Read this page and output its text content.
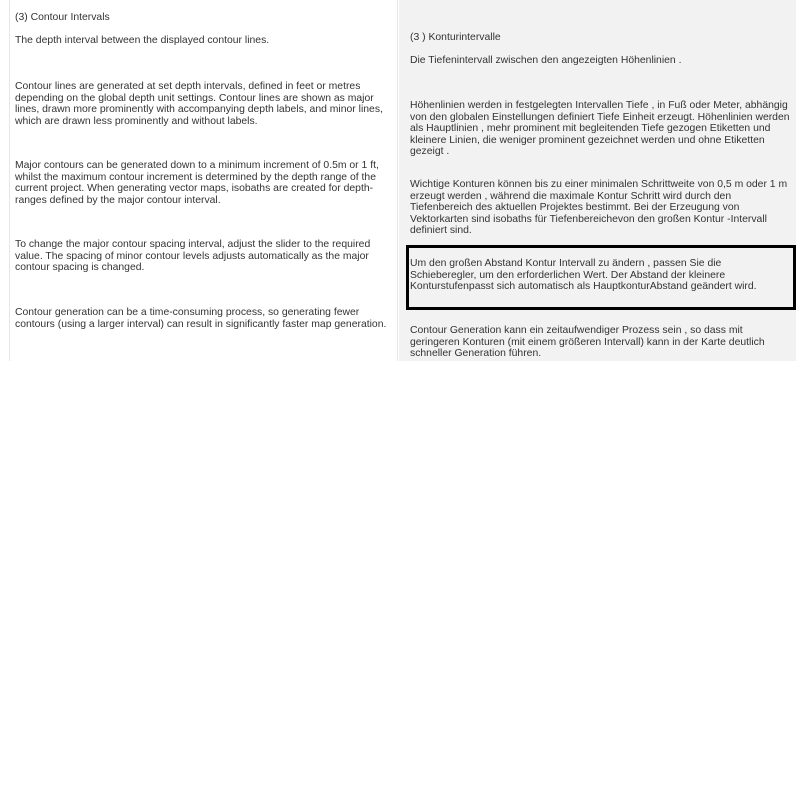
(3) Contour Intervals

The depth interval between the displayed contour lines.

Contour lines are generated at set depth intervals, defined in feet or metres depending on the global depth unit settings. Contour lines are shown as major lines, drawn more prominently with accompanying depth labels, and minor lines, which are drawn less prominently and without labels.

Major contours can be generated down to a minimum increment of 0.5m or 1 ft, whilst the maximum contour increment is determined by the depth range of the current project. When generating vector maps, isobaths are created for depth-ranges defined by the major contour interval.

To change the major contour spacing interval, adjust the slider to the required value. The spacing of minor contour levels adjusts automatically as the major contour spacing is changed.

Contour generation can be a time-consuming process, so generating fewer contours (using a larger interval) can result in significantly faster map generation.

(3 ) Konturintervalle

Die Tiefenintervall zwischen den angezeigten Höhenlinien .

Höhenlinien werden in festgelegten Intervallen Tiefe , in Fuß oder Meter, abhängig von den globalen Einstellungen definiert Tiefe Einheit erzeugt. Höhenlinien werden als Hauptlinien , mehr prominent mit begleitenden Tiefe gezogen Etiketten und kleinere Linien, die weniger prominent gezeichnet werden und ohne Etiketten gezeigt .

Wichtige Konturen können bis zu einer minimalen Schrittweite von 0,5 m oder 1 m erzeugt werden , während die maximale Kontur Schritt wird durch den Tiefenbereich des aktuellen Projektes bestimmt. Bei der Erzeugung von Vektorkarten sind isobaths für Tiefenbereichevon den großen Kontur -Intervall definiert sind.

Um den großen Abstand Kontur Intervall zu ändern , passen Sie die Schieberegler, um den erforderlichen Wert. Der Abstand der kleinere Konturstufenpasst sich automatisch als HauptkonturAbstand geändert wird.

Contour Generation kann ein zeitaufwendiger Prozess sein , so dass mit geringeren Konturen (mit einem größeren Intervall) kann in der Karte deutlich schneller Generation führen.
